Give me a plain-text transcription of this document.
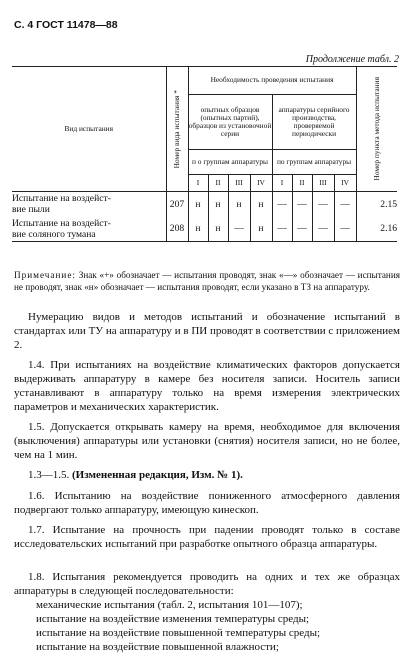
С. 4 ГОСТ 11478—88
Продолжение табл. 2
Вид испытания	Номер вида испытания *	Необходимость проведения испытания								Номер пункта метода испытания

		опытных образцов (опытных партий), образцов из установочной серии				аппаратуры серийного производства, проверяемой периодически				
		п о группам аппаратуры				по группам аппаратуры				
		I	II	III	IV	I	II	III	IV	

Испытание на воздейст-
вие пыли	207	н	н	н	н	—	—	—	—	2.15

Испытание на воздейст-
вие соляного тумана	208	н	н	—	н	—	—	—	—	2.16
Примечание: Знак «+» обозначает — испытания проводят, знак «—» обозначает — испытания не проводят, знак «н» обозначает — испытания проводят, если указано в ТЗ на аппаратуру.
Нумерацию видов и методов испытаний и обозначение испытаний в стандартах или ТУ на аппаратуру и в ПИ проводят в соответствии с приложением 2.
1.4. При испытаниях на воздействие климатических факторов допускается выдерживать аппаратуру в камере без носителя записи. Носитель записи устанавливают в аппаратуру только на время измерения электрических параметров и механических характеристик.
1.5. Допускается открывать камеру на время, необходимое для включения (выключения) аппаратуры или установки (снятия) носителя записи, но не более, чем на 1 мин.
1.3—1.5. (Измененная редакция, Изм. № 1).
1.6. Испытанию на воздействие пониженного атмосферного давления подвергают только аппаратуру, имеющую кинескоп.
1.7. Испытание на прочность при падении проводят только в составе исследовательских испытаний при разработке опытного образца аппаратуры.
1.8. Испытания рекомендуется проводить на одних и тех же образцах аппаратуры в следующей последовательности:
механические испытания (табл. 2, испытания 101—107);
испытание на воздействие изменения температуры среды;
испытание на воздействие повышенной температуры среды;
испытание на воздействие повышенной влажности;
